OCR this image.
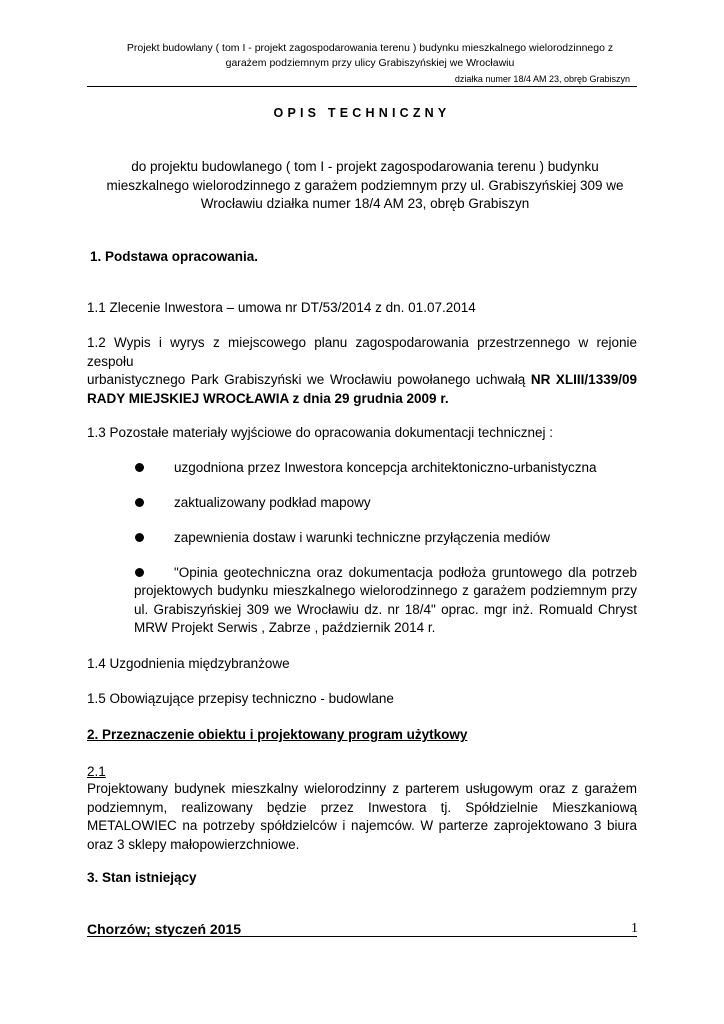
Projekt budowlany ( tom I - projekt zagospodarowania terenu ) budynku mieszkalnego wielorodzinnego z
garażem podziemnym przy ulicy Grabiszyńskiej we Wrocławiu
działka numer 18/4 AM 23, obręb Grabiszyn
OPIS TECHNICZNY
do projektu budowlanego ( tom I - projekt zagospodarowania terenu ) budynku
mieszkalnego wielorodzinnego z garażem podziemnym przy ul. Grabiszyńskiej 309 we
Wrocławiu działka numer 18/4 AM 23, obręb Grabiszyn
1. Podstawa opracowania.
1.1 Zlecenie Inwestora – umowa nr DT/53/2014 z dn. 01.07.2014
1.2 Wypis i wyrys z miejscowego planu zagospodarowania przestrzennego w rejonie zespołu
urbanistycznego Park Grabiszyński we Wrocławiu powołanego uchwałą NR XLIII/1339/09
RADY MIEJSKIEJ WROCŁAWIA z dnia 29 grudnia 2009 r.
1.3 Pozostałe materiały wyjściowe do opracowania dokumentacji technicznej :
uzgodniona przez Inwestora koncepcja architektoniczno-urbanistyczna
zaktualizowany podkład mapowy
zapewnienia dostaw i warunki techniczne przyłączenia mediów
"Opinia geotechniczna oraz dokumentacja podłoża gruntowego dla potrzeb
projektowych budynku mieszkalnego wielorodzinnego z garażem podziemnym przy
ul. Grabiszyńskiej 309 we Wrocławiu dz. nr 18/4" oprac. mgr inż. Romuald Chryst
MRW Projekt Serwis , Zabrze , październik 2014 r.
1.4 Uzgodnienia międzybranżowe
1.5 Obowiązujące przepisy techniczno - budowlane
2. Przeznaczenie obiektu i projektowany program użytkowy
2.1
Projektowany budynek mieszkalny wielorodzinny z parterem usługowym oraz z garażem
podziemnym, realizowany będzie przez Inwestora tj. Spółdzielnie Mieszkaniową
METALOWIEC na potrzeby spółdzielców i najemców. W parterze zaprojektowano 3 biura
oraz 3 sklepy małopowierzchniowe.
3. Stan istniejący
Chorzów; styczeń 2015	1
